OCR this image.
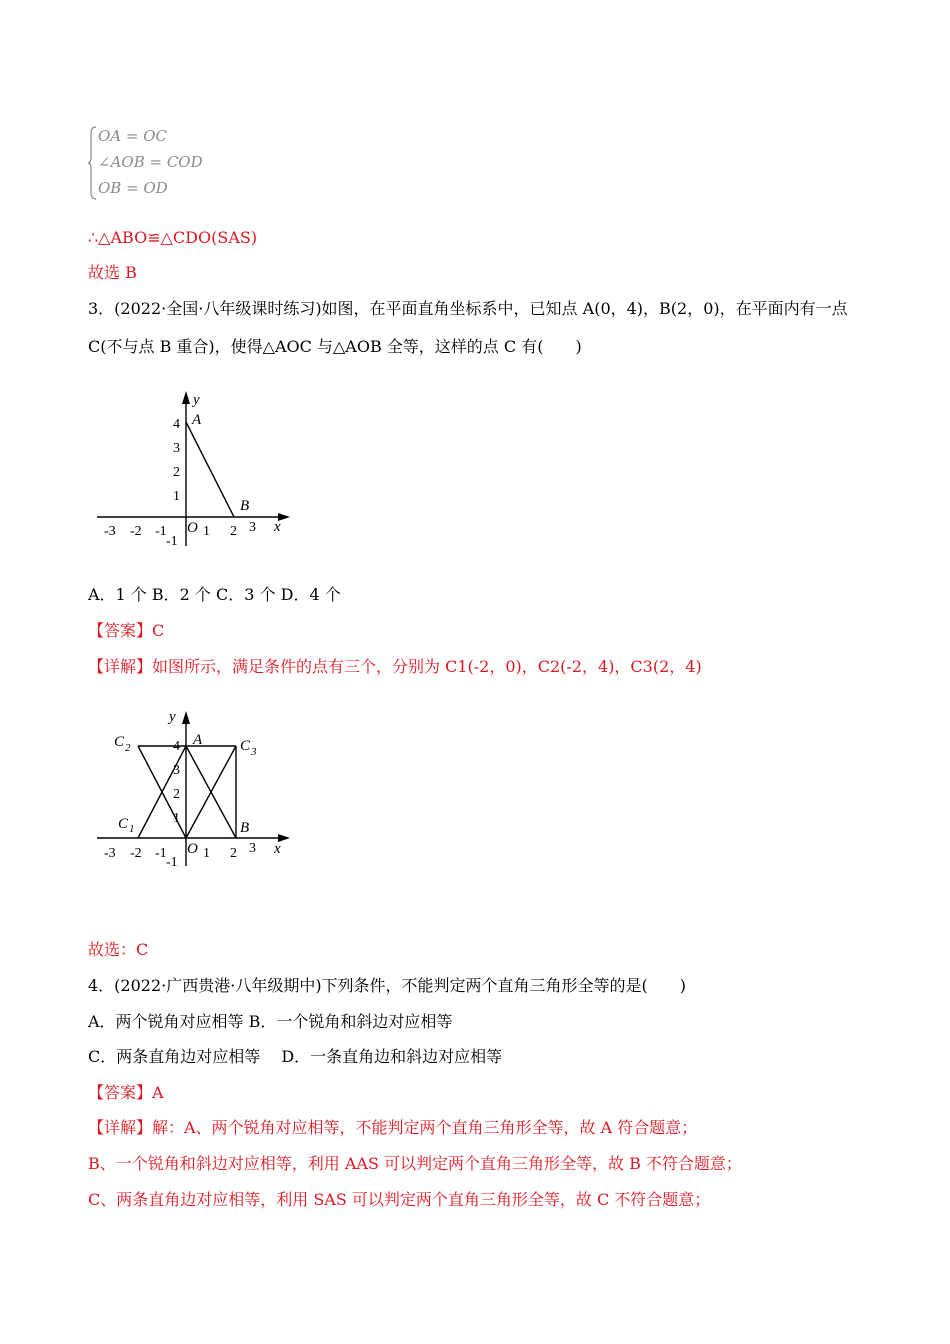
OA = OC
∠AOB = COD
OB = OD
∴△ABO≌△CDO(SAS)
故选 B
3．(2022·全国·八年级课时练习)如图，在平面直角坐标系中，已知点 A(0，4)，B(2，0)，在平面内有一点
C(不与点 B 重合)，使得△AOC 与△AOB 全等，这样的点 C 有(　　)
-3 -2 -1	1 2 3
4
3
2
1
-1
x
y
O
A
B
A．1 个 B．2 个 C．3 个 D．4 个
【答案】C
【详解】如图所示，满足条件的点有三个，分别为 C1(-2，0)，C2(-2，4)，C3(2，4)
-3 -2 -1	1 2 3
4
3
2
1
-1
x
y
O
A
B
C
C	C
1
2	3
故选：C
4．(2022·广西贵港·八年级期中)下列条件，不能判定两个直角三角形全等的是(　　)
A．两个锐角对应相等 B．一个锐角和斜边对应相等
C．两条直角边对应相等　 D．一条直角边和斜边对应相等
【答案】A
【详解】解：A、两个锐角对应相等，不能判定两个直角三角形全等，故 A 符合题意；
B、一个锐角和斜边对应相等，利用 AAS 可以判定两个直角三角形全等，故 B 不符合题意；
C、两条直角边对应相等，利用 SAS 可以判定两个直角三角形全等，故 C 不符合题意；
